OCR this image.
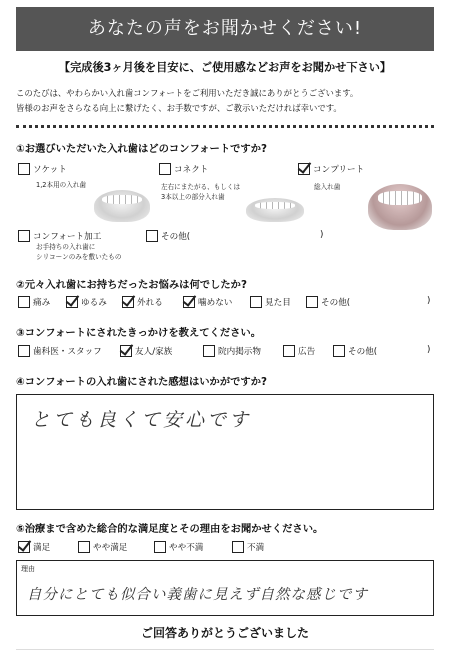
あなたの声をお聞かせください!
【完成後3ヶ月後を目安に、ご使用感などお声をお聞かせ下さい】
このたびは、やわらかい入れ歯コンフォートをご利用いただき誠にありがとうございます。
皆様のお声をさらなる向上に繋げたく、お手数ですが、ご教示いただければ幸いです。
①お選びいただいた入れ歯はどのコンフォートですか?
ソケット
1,2本用の入れ歯
コネクト
左右にまたがる、もしくは
3本以上の部分入れ歯
コンプリート
総入れ歯
コンフォート加工
お手持ちの入れ歯に
シリコーンのみを敷いたもの
その他(	)
②元々入れ歯にお持ちだったお悩みは何でしたか?
痛み	ゆるみ	外れる	噛めない	見た目	その他(	)
③コンフォートにされたきっかけを教えてください。
歯科医・スタッフ	友人/家族	院内掲示物	広告	その他(	)
④コンフォートの入れ歯にされた感想はいかがですか?
とても良くて安心です
⑤治療まで含めた総合的な満足度とその理由をお聞かせください。
満足	やや満足	やや不満	不満
理由
自分にとても似合い義歯に見えず自然な感じです
ご回答ありがとうございました
